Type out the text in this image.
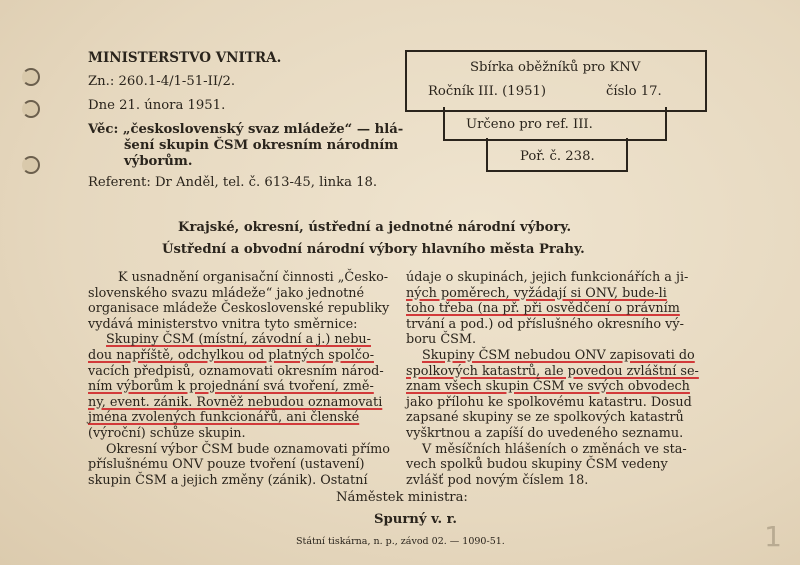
MINISTERSTVO VNITRA.
Zn.: 260.1-4/1-51-II/2.
Dne 21. února 1951.
Věc: „československý svaz mládeže“ — hlá-
šení skupin ČSM okresním národním
výborům.
Referent: Dr Anděl, tel. č. 613-45, linka 18.
Sbírka oběžníků pro KNV
Ročník III. (1951)	číslo 17.
Určeno pro ref. III.
Poř. č. 238.
Krajské, okresní, ústřední a jednotné národní výbory.
Ústřední a obvodní národní výbory hlavního města Prahy.
K usnadnění organisační činnosti „Česko-
slovenského svazu mládeže“ jako jednotné
organisace mládeže Československé republiky
vydává ministerstvo vnitra tyto směrnice:
Skupiny ČSM (místní, závodní a j.) nebu-
dou napříště, odchylkou od platných spolčo-
vacích předpisů, oznamovati okresním národ-
ním výborům k projednání svá tvoření, změ-
ny, event. zánik. Rovněž nebudou oznamovati
jména zvolených funkcionářů, ani členské
(výroční) schůze skupin.
Okresní výbor ČSM bude oznamovati přímo
příslušnému ONV pouze tvoření (ustavení)
skupin ČSM a jejich změny (zánik). Ostatní
údaje o skupinách, jejich funkcionářích a ji-
ných poměrech, vyžádají si ONV, bude-li
toho třeba (na př. při osvědčení o právním
trvání a pod.) od příslušného okresního vý-
boru ČSM.
Skupiny ČSM nebudou ONV zapisovati do
spolkových katastrů, ale povedou zvláštní se-
znam všech skupin ČSM ve svých obvodech
jako přílohu ke spolkovému katastru. Dosud
zapsané skupiny se ze spolkových katastrů
vyškrtnou a zapíší do uvedeného seznamu.
V měsíčních hlášeních o změnách ve sta-
vech spolků budou skupiny ČSM vedeny
zvlášť pod novým číslem 18.
Náměstek ministra:
Spurný v. r.
Státní tiskárna, n. p., závod 02. — 1090-51.	1
